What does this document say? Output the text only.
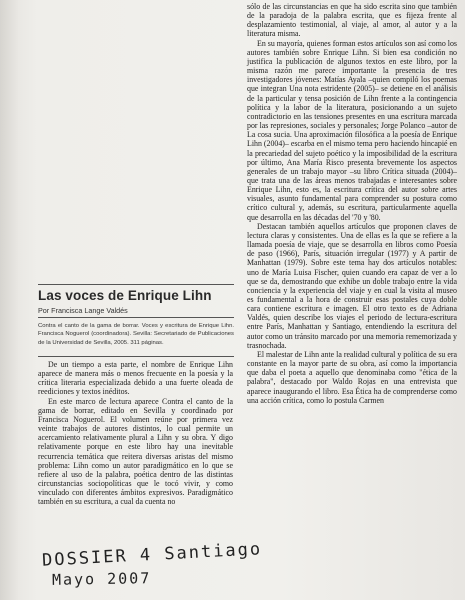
Las voces de Enrique Lihn
Por Francisca Lange Valdés
Contra el canto de la gama de borrar. Voces y escritura de Enrique Lihn. Francisca Noguerol (coordinadora). Sevilla: Secretariado de Publicaciones de la Universidad de Sevilla, 2005. 311 páginas.

De un tiempo a esta parte, el nombre de Enrique Lihn aparece de manera más o menos frecuente en la poesía y la crítica literaria especializada debido a una fuerte oleada de reediciones y textos inéditos.

En este marco de lectura aparece Contra el canto de la gama de borrar, editado en Sevilla y coordinado por Francisca Noguerol. El volumen reúne por primera vez veinte trabajos de autores distintos, lo cual permite un acercamiento relativamente plural a Lihn y su obra. Y digo relativamente porque en este libro hay una inevitable recurrencia temática que reitera diversas aristas del mismo problema: Lihn como un autor paradigmático en lo que se refiere al uso de la palabra, poética dentro de las distintas circunstancias sociopolíticas que le tocó vivir, y como vinculado con diferentes ámbitos expresivos. Paradigmático también en su escritura, a cual da cuenta no

sólo de las circunstancias en que ha sido escrita sino que también de la paradoja de la palabra escrita, que es fijeza frente al desplazamiento testimonial, al viaje, al amor, al autor y a la literatura misma.

En su mayoría, quienes forman estos artículos son así como los autores también sobre Enrique Lihn. Si bien esa condición no justifica la publicación de algunos textos en este libro, por la misma razón me parece importante la presencia de tres investigadores jóvenes: Matías Ayala –quien compiló los poemas que integran Una nota estridente (2005)– se detiene en el análisis de la particular y tensa posición de Lihn frente a la contingencia política y la labor de la literatura, posicionando a un sujeto contradictorio en las tensiones presentes en una escritura marcada por las represiones, sociales y personales; Jorge Polanco –autor de La cosa sucia. Una aproximación filosófica a la poesía de Enrique Lihn (2004)– escarba en el mismo tema pero haciendo hincapié en la precariedad del sujeto poético y la imposibilidad de la escritura por último, Ana María Risco presenta brevemente los aspectos generales de un trabajo mayor –su libro Crítica situada (2004)– que trata una de las áreas menos trabajadas e interesantes sobre Enrique Lihn, esto es, la escritura crítica del autor sobre artes visuales, asunto fundamental para comprender su postura como crítico cultural y, además, su escritura, particularmente aquella que desarrolla en las décadas del '70 y '80.

Destacan también aquellos artículos que proponen claves de lectura claras y consistentes. Una de ellas es la que se refiere a la llamada poesía de viaje, que se desarrolla en libros como Poesía de paso (1966), París, situación irregular (1977) y A partir de Manhattan (1979). Sobre este tema hay dos artículos notables: uno de María Luisa Fischer, quien cuando era capaz de ver a lo que se da, demostrando que exhibe un doble trabajo entre la vida conciencia y la experiencia del viaje y en cual la visita al museo es fundamental a la hora de construir esas postales cuya doble cara contiene escritura e imagen. El otro texto es de Adriana Valdés, quien describe los viajes el periodo de lectura-escritura entre París, Manhattan y Santiago, entendiendo la escritura del autor como un tránsito marcado por una memoria rememorizada y trasnochada.

El malestar de Lihn ante la realidad cultural y política de su era constante en la mayor parte de su obra, así como la importancia que daba el poeta a aquello que denominaba como "ética de la palabra", destacado por Waldo Rojas en una entrevista que aparece inaugurando el libro. Esa Ética ha de comprenderse como una acción crítica, como lo postula Carmen

DOSSIER 4 Santiago
Mayo 2007
